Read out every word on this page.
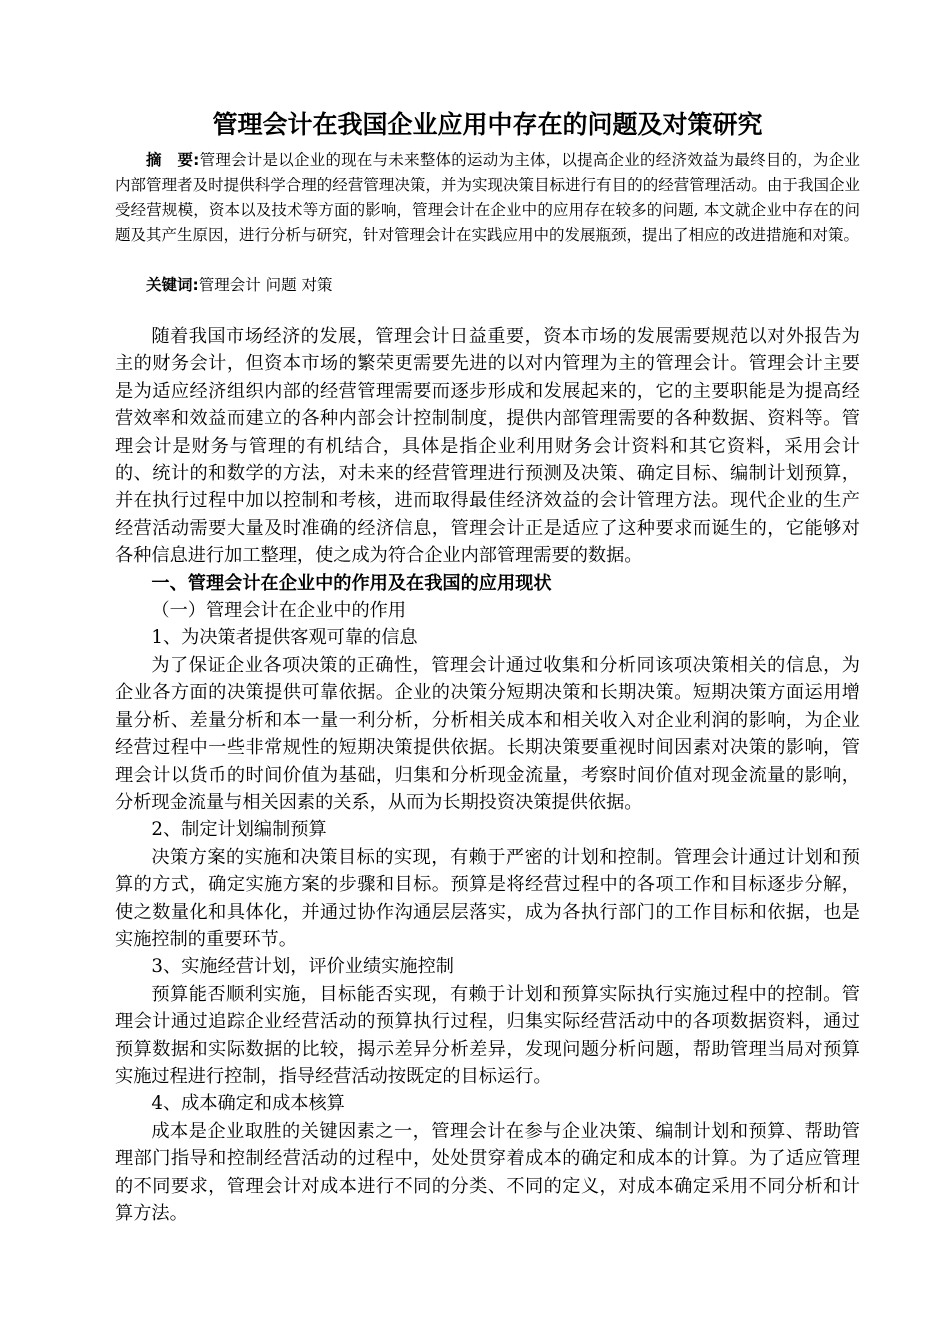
管理会计在我国企业应用中存在的问题及对策研究
摘　要:管理会计是以企业的现在与未来整体的运动为主体，以提高企业的经济效益为最终目的，为企业内部管理者及时提供科学合理的经营管理决策，并为实现决策目标进行有目的的经营管理活动。由于我国企业受经营规模，资本以及技术等方面的影响，管理会计在企业中的应用存在较多的问题, 本文就企业中存在的问题及其产生原因，进行分析与研究，针对管理会计在实践应用中的发展瓶颈，提出了相应的改进措施和对策。
关键词:管理会计 问题 对策

随着我国市场经济的发展，管理会计日益重要，资本市场的发展需要规范以对外报告为主的财务会计，但资本市场的繁荣更需要先进的以对内管理为主的管理会计。管理会计主要是为适应经济组织内部的经营管理需要而逐步形成和发展起来的，它的主要职能是为提高经营效率和效益而建立的各种内部会计控制制度，提供内部管理需要的各种数据、资料等。管理会计是财务与管理的有机结合，具体是指企业利用财务会计资料和其它资料，采用会计的、统计的和数学的方法，对未来的经营管理进行预测及决策、确定目标、编制计划预算，并在执行过程中加以控制和考核，进而取得最佳经济效益的会计管理方法。现代企业的生产经营活动需要大量及时准确的经济信息，管理会计正是适应了这种要求而诞生的，它能够对各种信息进行加工整理，使之成为符合企业内部管理需要的数据。

一、管理会计在企业中的作用及在我国的应用现状

（一）管理会计在企业中的作用

1、为决策者提供客观可靠的信息

为了保证企业各项决策的正确性，管理会计通过收集和分析同该项决策相关的信息，为企业各方面的决策提供可靠依据。企业的决策分短期决策和长期决策。短期决策方面运用增量分析、差量分析和本一量一利分析，分析相关成本和相关收入对企业利润的影响，为企业经营过程中一些非常规性的短期决策提供依据。长期决策要重视时间因素对决策的影响，管理会计以货币的时间价值为基础，归集和分析现金流量，考察时间价值对现金流量的影响，分析现金流量与相关因素的关系，从而为长期投资决策提供依据。

2、制定计划编制预算

决策方案的实施和决策目标的实现，有赖于严密的计划和控制。管理会计通过计划和预算的方式，确定实施方案的步骤和目标。预算是将经营过程中的各项工作和目标逐步分解，使之数量化和具体化，并通过协作沟通层层落实，成为各执行部门的工作目标和依据，也是实施控制的重要环节。

3、实施经营计划，评价业绩实施控制

预算能否顺利实施，目标能否实现，有赖于计划和预算实际执行实施过程中的控制。管理会计通过追踪企业经营活动的预算执行过程，归集实际经营活动中的各项数据资料，通过预算数据和实际数据的比较，揭示差异分析差异，发现问题分析问题，帮助管理当局对预算实施过程进行控制，指导经营活动按既定的目标运行。

4、成本确定和成本核算

成本是企业取胜的关键因素之一，管理会计在参与企业决策、编制计划和预算、帮助管理部门指导和控制经营活动的过程中，处处贯穿着成本的确定和成本的计算。为了适应管理的不同要求，管理会计对成本进行不同的分类、不同的定义，对成本确定采用不同分析和计算方法。
